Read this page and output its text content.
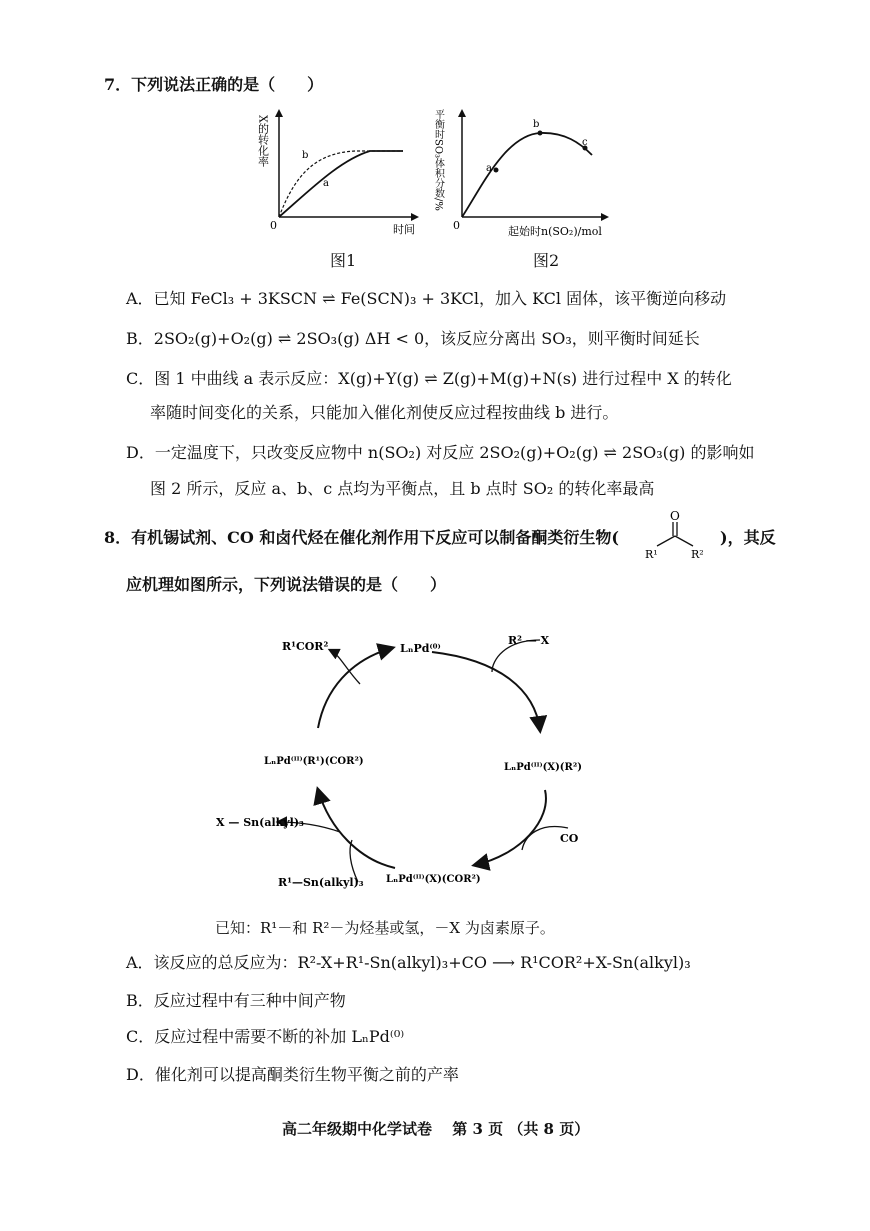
7．下列说法正确的是（　　）
0
b
a
时间
X的转化率
图1
a
b
c
0	起始时n(SO₂)/mol
平衡时SO₃体积分数/%
图2
A．已知 FeCl₃ + 3KSCN ⇌ Fe(SCN)₃ + 3KCl，加入 KCl 固体，该平衡逆向移动
B．2SO₂(g)+O₂(g) ⇌ 2SO₃(g) ΔH < 0，该反应分离出 SO₃，则平衡时间延长
C．图 1 中曲线 a 表示反应：X(g)+Y(g) ⇌ Z(g)+M(g)+N(s) 进行过程中 X 的转化
率随时间变化的关系，只能加入催化剂使反应过程按曲线 b 进行。
D．一定温度下，只改变反应物中 n(SO₂) 对反应 2SO₂(g)+O₂(g) ⇌ 2SO₃(g) 的影响如
图 2 所示，反应 a、b、c 点均为平衡点，且 b 点时 SO₂ 的转化率最高
8．有机锡试剂、CO 和卤代烃在催化剂作用下反应可以制备酮类衍生物(
O
R¹	R²
)，其反
应机理如图所示，下列说法错误的是（　　）
LₙPd⁽⁰⁾
R² — X
R¹COR²
LₙPd⁽ᴵᴵ⁾(X)(R²)
CO
LₙPd⁽ᴵᴵ⁾(X)(COR²)
R¹—Sn(alkyl)₃
X — Sn(alkyl)₃
LₙPd⁽ᴵᴵ⁾(R¹)(COR²)
已知：R¹－和 R²－为烃基或氢，－X 为卤素原子。
A．该反应的总反应为：R²-X+R¹-Sn(alkyl)₃+CO ⟶ R¹COR²+X-Sn(alkyl)₃
B．反应过程中有三种中间产物
C．反应过程中需要不断的补加 LₙPd⁽⁰⁾
D．催化剂可以提高酮类衍生物平衡之前的产率
高二年级期中化学试卷　 第 3 页 （共 8 页）
